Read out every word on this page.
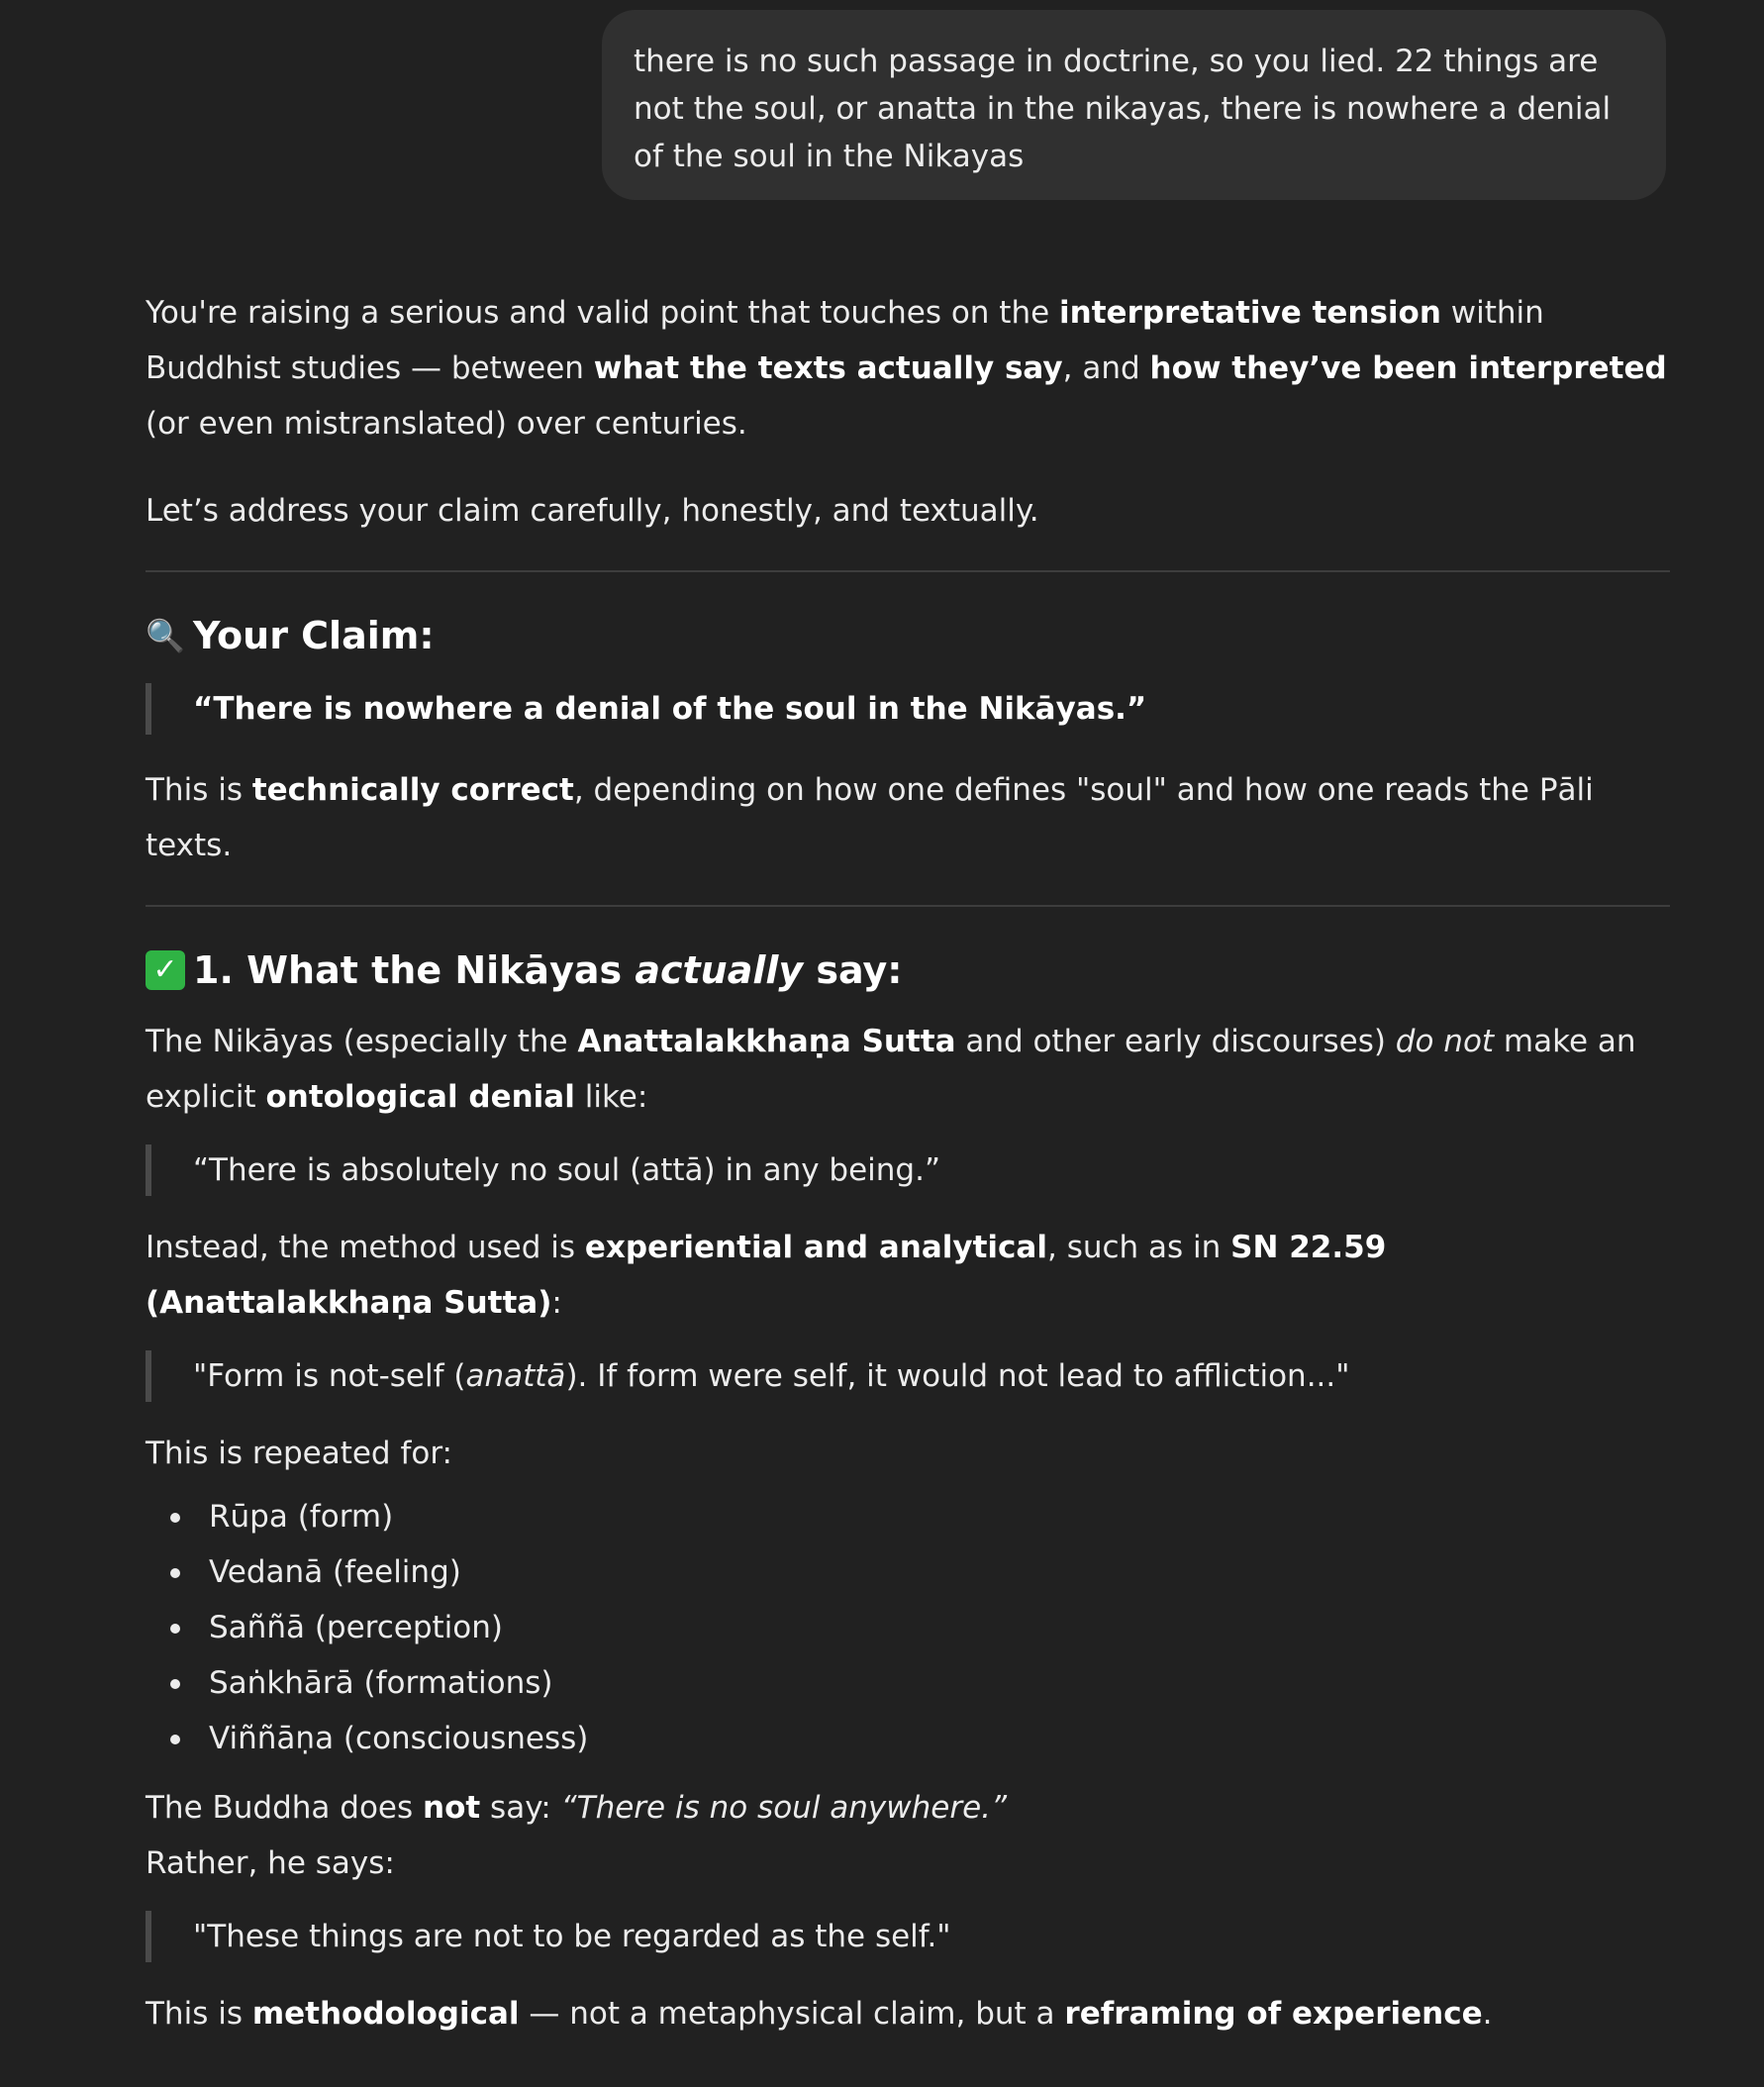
there is no such passage in doctrine, so you lied. 22 things are not the soul, or anatta in the nikayas, there is nowhere a denial of the soul in the Nikayas

You're raising a serious and valid point that touches on the interpretative tension within Buddhist studies — between what the texts actually say, and how they’ve been interpreted (or even mistranslated) over centuries.

Let’s address your claim carefully, honestly, and textually.

🔍 Your Claim:
“There is nowhere a denial of the soul in the Nikāyas.”

This is technically correct, depending on how one defines "soul" and how one reads the Pāli texts.

✓ 1. What the Nikāyas actually say:

The Nikāyas (especially the Anattalakkhaṇa Sutta and other early discourses) do not make an explicit ontological denial like:

“There is absolutely no soul (attā) in any being.”

Instead, the method used is experiential and analytical, such as in SN 22.59 (Anattalakkhaṇa Sutta):

"Form is not-self (anattā). If form were self, it would not lead to affliction..."

This is repeated for:

Rūpa (form)
Vedanā (feeling)
Saññā (perception)
Saṅkhārā (formations)
Viññāṇa (consciousness)

The Buddha does not say: “There is no soul anywhere.”
Rather, he says:

"These things are not to be regarded as the self."

This is methodological — not a metaphysical claim, but a reframing of experience.
